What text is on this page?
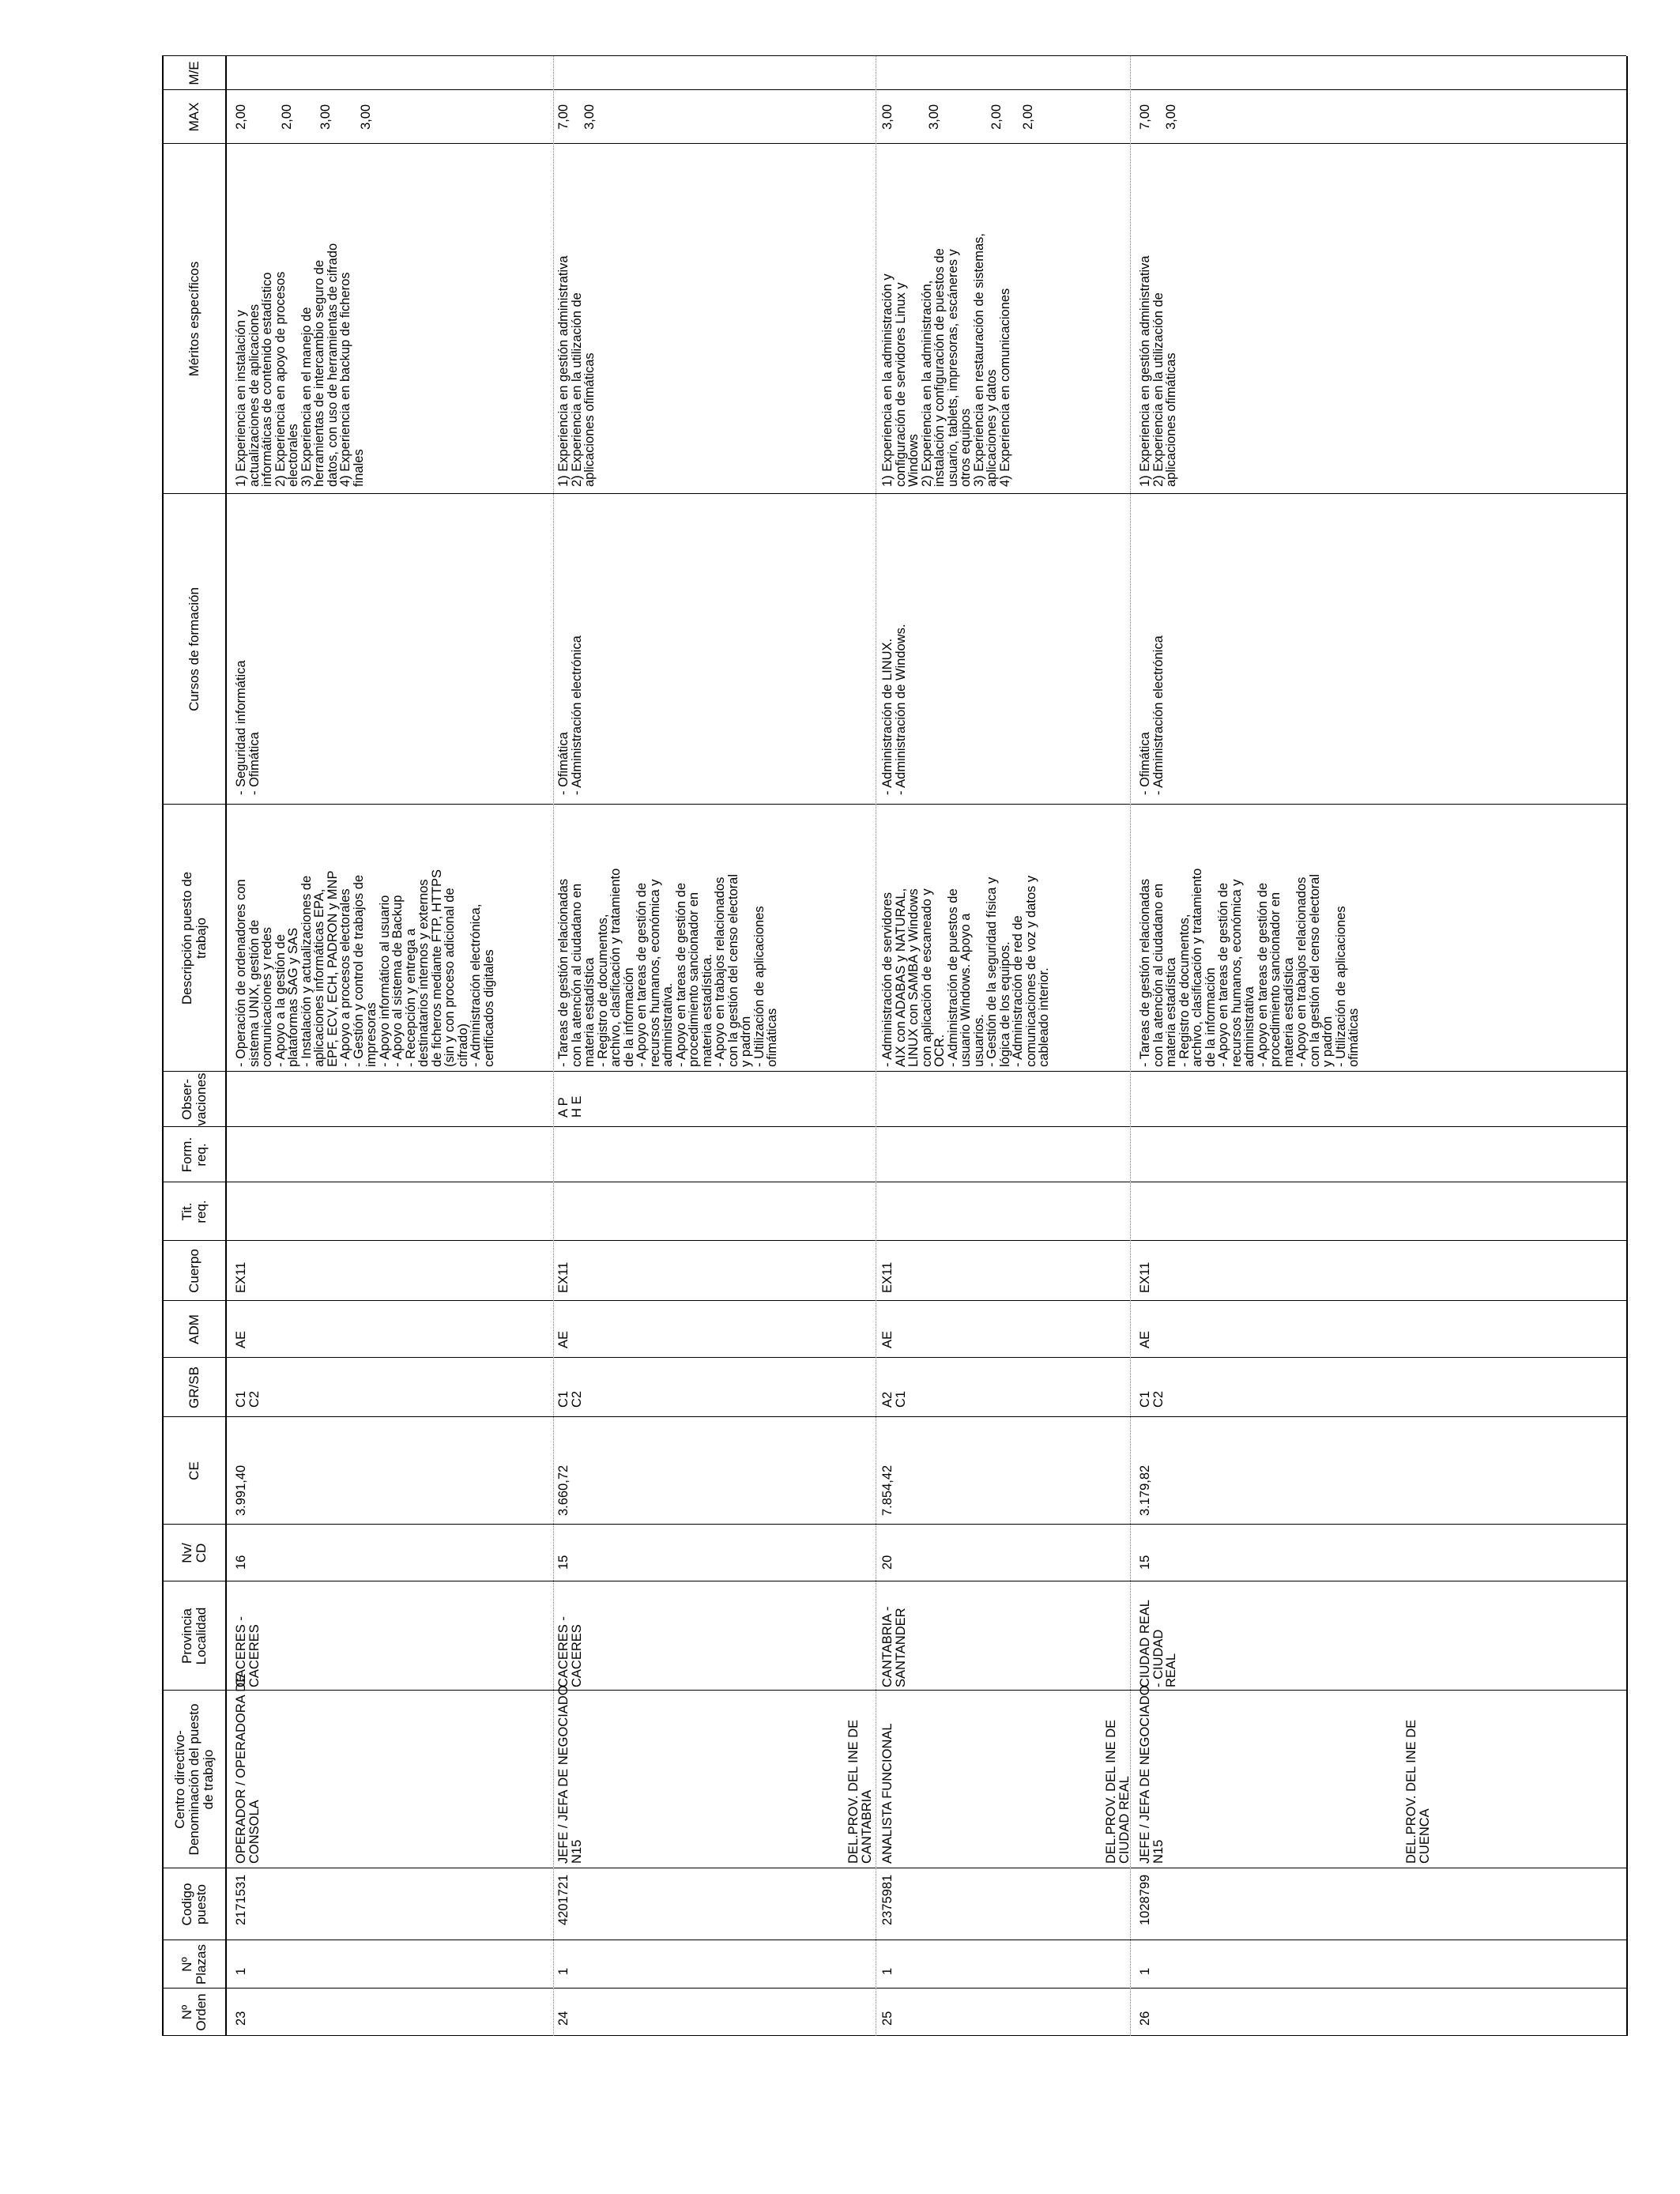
Nº
Orden
Nº
Plazas
Codigo
puesto
Centro directivo-
Denominación del puesto
de trabajo
Provincia
Localidad
Nv/
CD
CE
GR/SB
ADM
Cuerpo
Tit.
req.
Form.
req.
Obser-
vaciones
Descripción puesto de
trabajo
Cursos de formación
Méritos específicos
MAX
M/E
23
1
2171531
OPERADOR / OPERADORA DE
CONSOLA
CACERES -
CACERES
16
3.991,40
C1
C2
AE
EX11
- Operación de ordenadores con
sistema UNIX, gestión de
comunicaciones y redes
- Apoyo a la gestión de
plataformas SAG y SAS
- Instalación y actualizaciones de
aplicaciones informáticas EPA,
EPF, ECV, ECH, PADRON y MNP
- Apoyo a procesos electorales
- Gestión y control de trabajos de
impresoras
- Apoyo informático al usuario
- Apoyo al sistema de Backup
- Recepción y entrega a
destinatarios internos y externos
de ficheros mediante FTP, HTTPS
(sin y con proceso adicional de
cifrado)
- Administración electrónica,
certificados digitales
- Seguridad informática
- Ofimática
1) Experiencia en instalación y
actualizaciones de aplicaciones
informáticas de contenido estadístico
2) Experiencia en apoyo de procesos
electorales
3) Experiencia en el manejo de
herramientas de intercambio seguro de
datos, con uso de herramientas de cifrado
4) Experiencia en backup de ficheros
finales
2,00 2,00 3,00 3,00
24
1
4201721
JEFE / JEFA DE NEGOCIADO
N15
CACERES -
CACERES
15
3.660,72
C1
C2
AE
EX11
A P
H E
- Tareas de gestión relacionadas
con la atención al ciudadano en
materia estadística
- Registro de documentos,
archivo, clasificación y tratamiento
de la información
- Apoyo en tareas de gestión de
recursos humanos, económica y
administrativa.
- Apoyo en tareas de gestión de
procedimiento sancionador en
materia estadística.
- Apoyo en trabajos relacionados
con la gestión del censo electoral
y padrón
- Utilización de aplicaciones
ofimáticas
- Ofimática
- Administración electrónica
1) Experiencia en gestión administrativa
2) Experiencia en la utilización de
aplicaciones ofimáticas
7,00 3,00
DEL.PROV. DEL INE DE
CANTABRIA
25
1
2375981
ANALISTA FUNCIONAL
CANTABRIA -
SANTANDER
20
7.854,42
A2
C1
AE
EX11
- Administración de servidores
AIX con ADABAS y NATURAL,
LINUX con SAMBA y Windows
con aplicación de escaneado y
OCR.
- Administración de puestos de
usuario Windows. Apoyo a
usuarios.
- Gestión de la seguridad física y
lógica de los equipos.
- Administración de red de
comunicaciones de voz y datos y
cableado interior.
- Administración de LINUX.
- Administración de Windows.
1) Experiencia en la administración y
configuración de servidores Linux y
Windows
2) Experiencia en la administración,
instalación y configuración de puestos de
usuario, tablets, impresoras, escáneres y
otros equipos
3) Experiencia en restauración de sistemas,
aplicaciones y datos
4) Experiencia en comunicaciones
3,00 3,00	2,00 2,00
DEL.PROV. DEL INE DE
CIUDAD REAL
26
1
1028799
JEFE / JEFA DE NEGOCIADO
N15
CIUDAD REAL
- CIUDAD
REAL
15
3.179,82
C1
C2
AE
EX11
- Tareas de gestión relacionadas
con la atención al ciudadano en
materia estadística
- Registro de documentos,
archivo, clasificación y tratamiento
de la información
- Apoyo en tareas de gestión de
recursos humanos, económica y
administrativa
- Apoyo en tareas de gestión de
procedimiento sancionador en
materia estadística
- Apoyo en trabajos relacionados
con la gestión del censo electoral
y padrón
- Utilización de aplicaciones
ofimáticas
- Ofimática
- Administración electrónica
1) Experiencia en gestión administrativa
2) Experiencia en la utilización de
aplicaciones ofimáticas
7,00 3,00
DEL.PROV. DEL INE DE
CUENCA
